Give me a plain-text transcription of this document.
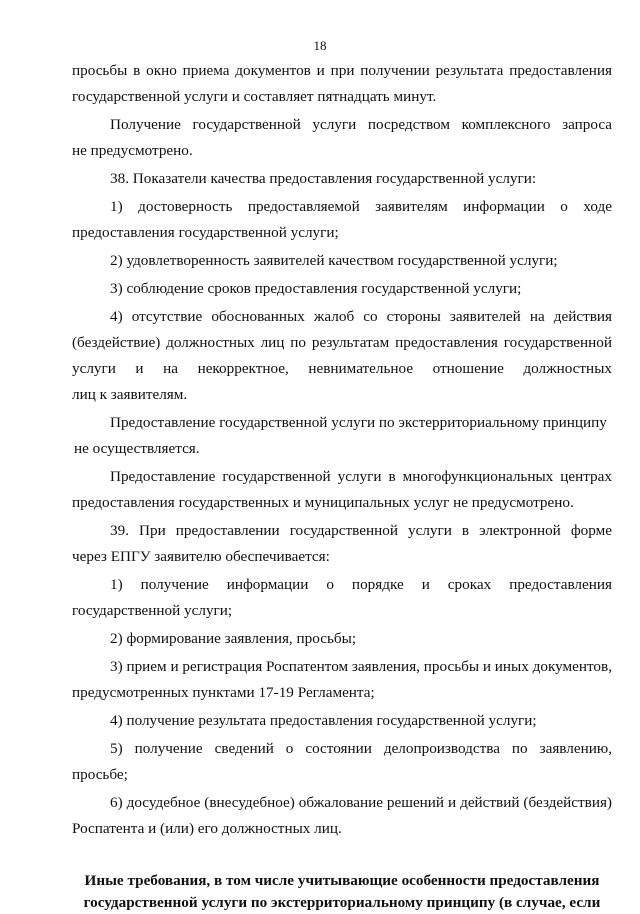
18

просьбы в окно приема документов и при получении результата предоставления
государственной услуги и составляет пятнадцать минут.

Получение государственной услуги посредством комплексного запроса
не предусмотрено.

38. Показатели качества предоставления государственной услуги:

1) достоверность предоставляемой заявителям информации о ходе
предоставления государственной услуги;

2) удовлетворенность заявителей качеством государственной услуги;

3) соблюдение сроков предоставления государственной услуги;

4) отсутствие обоснованных жалоб со стороны заявителей на действия
(бездействие) должностных лиц по результатам предоставления государственной
услуги и на некорректное, невнимательное отношение должностных
лиц к заявителям.

Предоставление государственной услуги по экстерриториальному принципу
не осуществляется.

Предоставление государственной услуги в многофункциональных центрах
предоставления государственных и муниципальных услуг не предусмотрено.

39. При предоставлении государственной услуги в электронной форме
через ЕПГУ заявителю обеспечивается:

1) получение информации о порядке и сроках предоставления
государственной услуги;

2) формирование заявления, просьбы;

3) прием и регистрация Роспатентом заявления, просьбы и иных документов,
предусмотренных пунктами 17-19 Регламента;

4) получение результата предоставления государственной услуги;

5) получение сведений о состоянии делопроизводства по заявлению, просьбе;

6) досудебное (внесудебное) обжалование решений и действий (бездействия)
Роспатента и (или) его должностных лиц.

Иные требования, в том числе учитывающие особенности предоставления
государственной услуги по экстерриториальному принципу (в случае, если
